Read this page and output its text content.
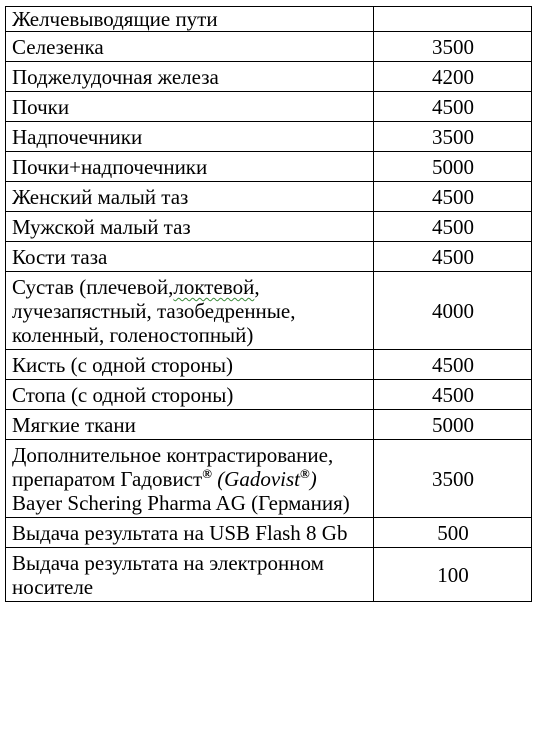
Желчевыводящие пути	
Селезенка	3500
Поджелудочная железа	4200
Почки	4500
Надпочечники	3500
Почки+надпочечники	5000
Женский малый таз	4500
Мужской малый таз	4500
Кости таза	4500
Сустав (плечевой,локтевой, лучезапястный, тазобедренные, коленный, голеностопный)	4000
Кисть (с одной стороны)	4500
Стопа (с одной стороны)	4500
Мягкие ткани	5000
Дополнительное контрастирование, препаратом Гадовист® (Gadovist®) Bayer Schering Pharma AG (Германия)	3500
Выдача результата на USB Flash 8 Gb	500
Выдача результата на электронном носителе	100
